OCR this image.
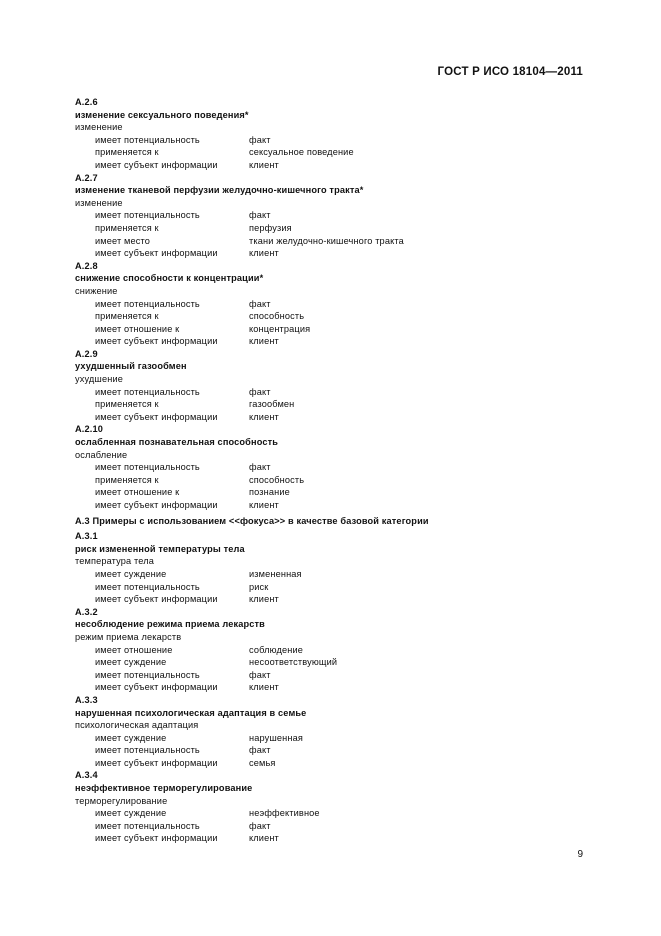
ГОСТ Р ИСО 18104—2011
A.2.6
изменение сексуального поведения*
изменение
имеет потенциальность	факт
применяется к	сексуальное поведение
имеет субъект информации	клиент
A.2.7
изменение тканевой перфузии желудочно-кишечного тракта*
изменение
имеет потенциальность	факт
применяется к	перфузия
имеет место	ткани желудочно-кишечного тракта
имеет субъект информации	клиент
A.2.8
снижение способности к концентрации*
снижение
имеет потенциальность	факт
применяется к	способность
имеет отношение к	концентрация
имеет субъект информации	клиент
A.2.9
ухудшенный газообмен
ухудшение
имеет потенциальность	факт
применяется к	газообмен
имеет субъект информации	клиент
A.2.10
ослабленная познавательная способность
ослабление
имеет потенциальность	факт
применяется к	способность
имеет отношение к	познание
имеет субъект информации	клиент
A.3 Примеры с использованием <<фокуса>> в качестве базовой категории
A.3.1
риск измененной температуры тела
температура тела
имеет суждение	измененная
имеет потенциальность	риск
имеет субъект информации	клиент
A.3.2
несоблюдение режима приема лекарств
режим приема лекарств
имеет отношение	соблюдение
имеет суждение	несоответствующий
имеет потенциальность	факт
имеет субъект информации	клиент
A.3.3
нарушенная психологическая адаптация в семье
психологическая адаптация
имеет суждение	нарушенная
имеет потенциальность	факт
имеет субъект информации	семья
A.3.4
неэффективное терморегулирование
терморегулирование
имеет суждение	неэффективное
имеет потенциальность	факт
имеет субъект информации	клиент
9
